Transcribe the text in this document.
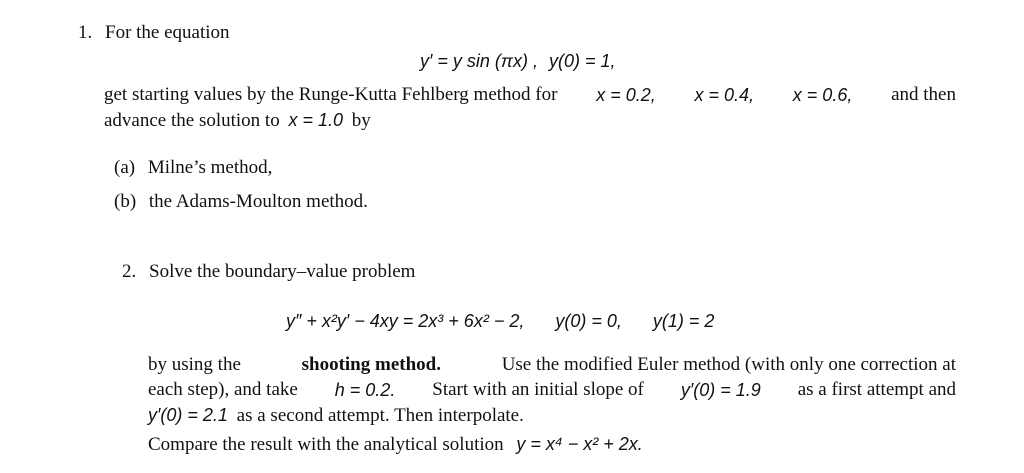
1. For the equation
y′ = y sin (πx) , y(0) = 1,
get starting values by the Runge-Kutta Fehlberg method for x = 0.2, x = 0.4, x = 0.6, and then
advance the solution to x = 1.0 by
(a) Milne’s method,
(b) the Adams-Moulton method.
2. Solve the boundary–value problem
y″ + x²y′ − 4xy = 2x³ + 6x² − 2, y(0) = 0, y(1) = 2
by using the	shooting method.	Use the modified Euler method (with only one correction at
each step), and take h = 0.2. Start with an initial slope of y′(0) = 1.9 as a first attempt and
y′(0) = 2.1 as a second attempt. Then interpolate.
Compare the result with the analytical solution y = x⁴ − x² + 2x.
